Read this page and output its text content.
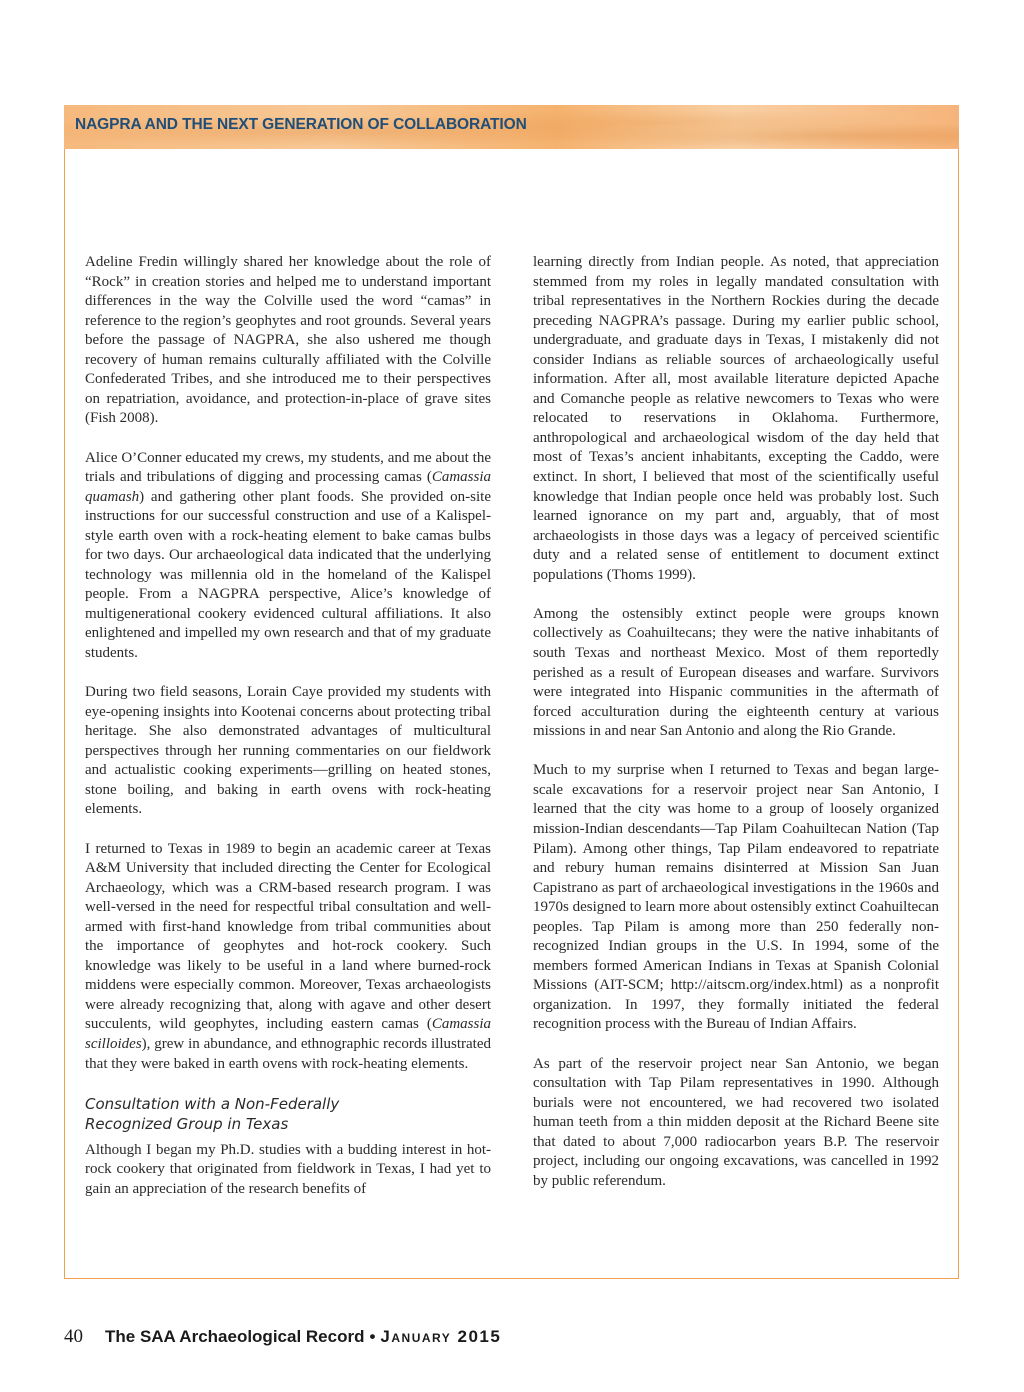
NAGPRA AND THE NEXT GENERATION OF COLLABORATION

Adeline Fredin willingly shared her knowledge about the role of “Rock” in creation stories and helped me to understand important differences in the way the Colville used the word “camas” in reference to the region’s geophytes and root grounds. Several years before the passage of NAGPRA, she also ushered me though recovery of human remains culturally affiliated with the Colville Confederated Tribes, and she introduced me to their perspectives on repatriation, avoidance, and protection-in-place of grave sites (Fish 2008).

Alice O’Conner educated my crews, my students, and me about the trials and tribulations of digging and processing camas (Camassia quamash) and gathering other plant foods. She provided on-site instructions for our successful construction and use of a Kalispel-style earth oven with a rock-heating element to bake camas bulbs for two days. Our archaeological data indicated that the underlying technology was millennia old in the homeland of the Kalispel people. From a NAGPRA perspective, Alice’s knowledge of multigenerational cookery evidenced cultural affiliations. It also enlightened and impelled my own research and that of my graduate students.

During two field seasons, Lorain Caye provided my students with eye-opening insights into Kootenai concerns about protecting tribal heritage. She also demonstrated advantages of multicultural perspectives through her running commentaries on our fieldwork and actualistic cooking experiments—grilling on heated stones, stone boiling, and baking in earth ovens with rock-heating elements.

I returned to Texas in 1989 to begin an academic career at Texas A&M University that included directing the Center for Ecological Archaeology, which was a CRM-based research program. I was well-versed in the need for respectful tribal consultation and well-armed with first-hand knowledge from tribal communities about the importance of geophytes and hot-rock cookery. Such knowledge was likely to be useful in a land where burned-rock middens were especially common. Moreover, Texas archaeologists were already recognizing that, along with agave and other desert succulents, wild geophytes, including eastern camas (Camassia scilloides), grew in abundance, and ethnographic records illustrated that they were baked in earth ovens with rock-heating elements.

Consultation with a Non-Federally
Recognized Group in Texas

Although I began my Ph.D. studies with a budding interest in hot-rock cookery that originated from fieldwork in Texas, I had yet to gain an appreciation of the research benefits of

learning directly from Indian people. As noted, that appreciation stemmed from my roles in legally mandated consultation with tribal representatives in the Northern Rockies during the decade preceding NAGPRA’s passage. During my earlier public school, undergraduate, and graduate days in Texas, I mistakenly did not consider Indians as reliable sources of archaeologically useful information. After all, most available literature depicted Apache and Comanche people as relative newcomers to Texas who were relocated to reservations in Oklahoma. Furthermore, anthropological and archaeological wisdom of the day held that most of Texas’s ancient inhabitants, excepting the Caddo, were extinct. In short, I believed that most of the scientifically useful knowledge that Indian people once held was probably lost. Such learned ignorance on my part and, arguably, that of most archaeologists in those days was a legacy of perceived scientific duty and a related sense of entitlement to document extinct populations (Thoms 1999).

Among the ostensibly extinct people were groups known collectively as Coahuiltecans; they were the native inhabitants of south Texas and northeast Mexico. Most of them reportedly perished as a result of European diseases and warfare. Survivors were integrated into Hispanic communities in the aftermath of forced acculturation during the eighteenth century at various missions in and near San Antonio and along the Rio Grande.

Much to my surprise when I returned to Texas and began large-scale excavations for a reservoir project near San Antonio, I learned that the city was home to a group of loosely organized mission-Indian descendants—Tap Pilam Coahuiltecan Nation (Tap Pilam). Among other things, Tap Pilam endeavored to repatriate and rebury human remains disinterred at Mission San Juan Capistrano as part of archaeological investigations in the 1960s and 1970s designed to learn more about ostensibly extinct Coahuiltecan peoples. Tap Pilam is among more than 250 federally non-recognized Indian groups in the U.S. In 1994, some of the members formed American Indians in Texas at Spanish Colonial Missions (AIT-SCM; http://aitscm.org/index.html) as a nonprofit organization. In 1997, they formally initiated the federal recognition process with the Bureau of Indian Affairs.

As part of the reservoir project near San Antonio, we began consultation with Tap Pilam representatives in 1990. Although burials were not encountered, we had recovered two isolated human teeth from a thin midden deposit at the Richard Beene site that dated to about 7,000 radiocarbon years B.P. The reservoir project, including our ongoing excavations, was cancelled in 1992 by public referendum.

40 The SAA Archaeological Record • January 2015
